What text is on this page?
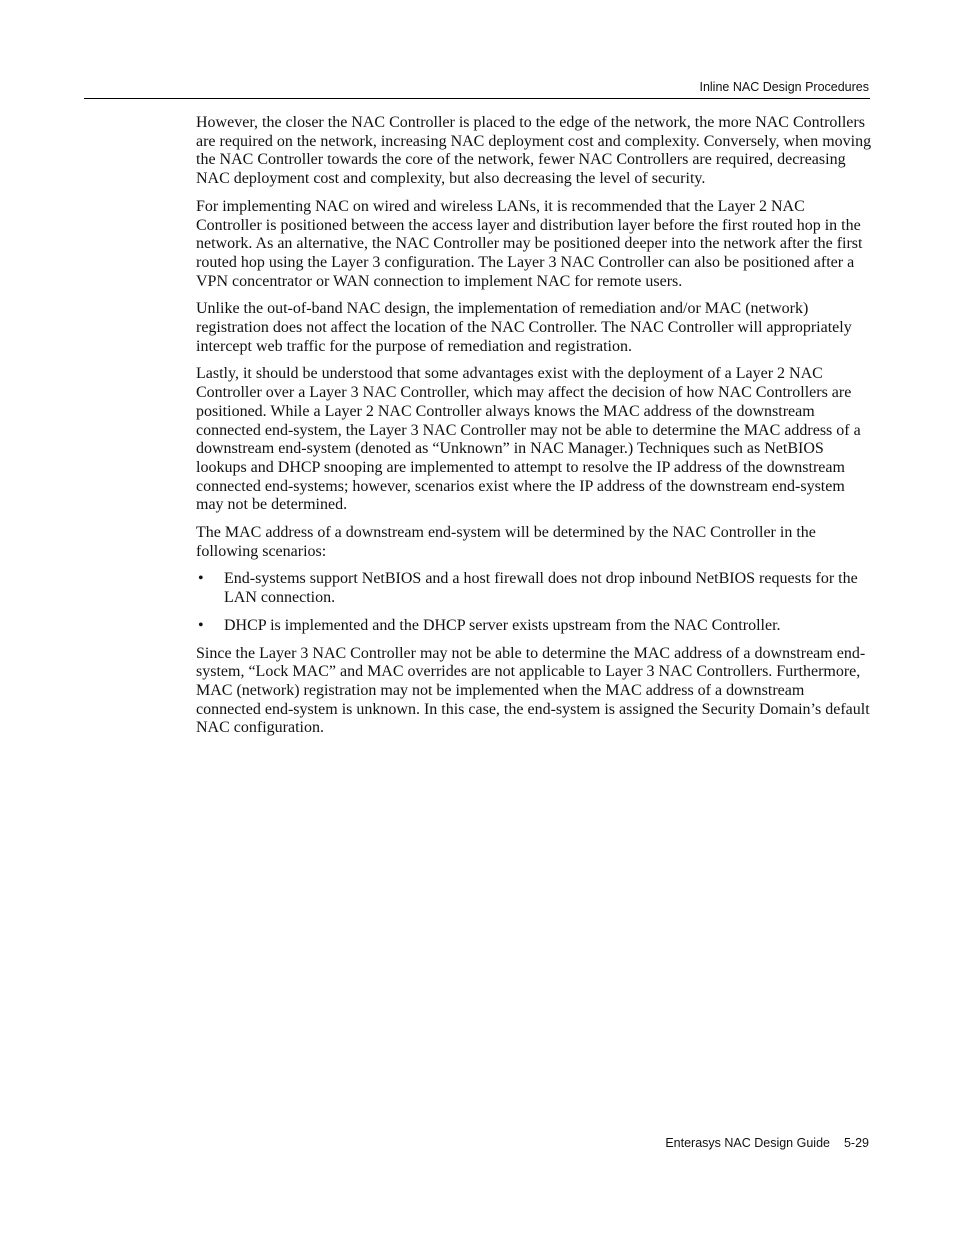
Inline NAC Design Procedures

However, the closer the NAC Controller is placed to the edge of the network, the more NAC Controllers are required on the network, increasing NAC deployment cost and complexity. Conversely, when moving the NAC Controller towards the core of the network, fewer NAC Controllers are required, decreasing NAC deployment cost and complexity, but also decreasing the level of security.

For implementing NAC on wired and wireless LANs, it is recommended that the Layer 2 NAC Controller is positioned between the access layer and distribution layer before the first routed hop in the network. As an alternative, the NAC Controller may be positioned deeper into the network after the first routed hop using the Layer 3 configuration. The Layer 3 NAC Controller can also be positioned after a VPN concentrator or WAN connection to implement NAC for remote users.

Unlike the out-of-band NAC design, the implementation of remediation and/or MAC (network) registration does not affect the location of the NAC Controller. The NAC Controller will appropriately intercept web traffic for the purpose of remediation and registration.

Lastly, it should be understood that some advantages exist with the deployment of a Layer 2 NAC Controller over a Layer 3 NAC Controller, which may affect the decision of how NAC Controllers are positioned. While a Layer 2 NAC Controller always knows the MAC address of the downstream connected end-system, the Layer 3 NAC Controller may not be able to determine the MAC address of a downstream end-system (denoted as “Unknown” in NAC Manager.) Techniques such as NetBIOS lookups and DHCP snooping are implemented to attempt to resolve the IP address of the downstream connected end-systems; however, scenarios exist where the IP address of the downstream end-system may not be determined.

The MAC address of a downstream end-system will be determined by the NAC Controller in the following scenarios:

• End-systems support NetBIOS and a host firewall does not drop inbound NetBIOS requests for the LAN connection.
• DHCP is implemented and the DHCP server exists upstream from the NAC Controller.

Since the Layer 3 NAC Controller may not be able to determine the MAC address of a downstream end-system, “Lock MAC” and MAC overrides are not applicable to Layer 3 NAC Controllers. Furthermore, MAC (network) registration may not be implemented when the MAC address of a downstream connected end-system is unknown. In this case, the end-system is assigned the Security Domain’s default NAC configuration.

Enterasys NAC Design Guide 5-29
